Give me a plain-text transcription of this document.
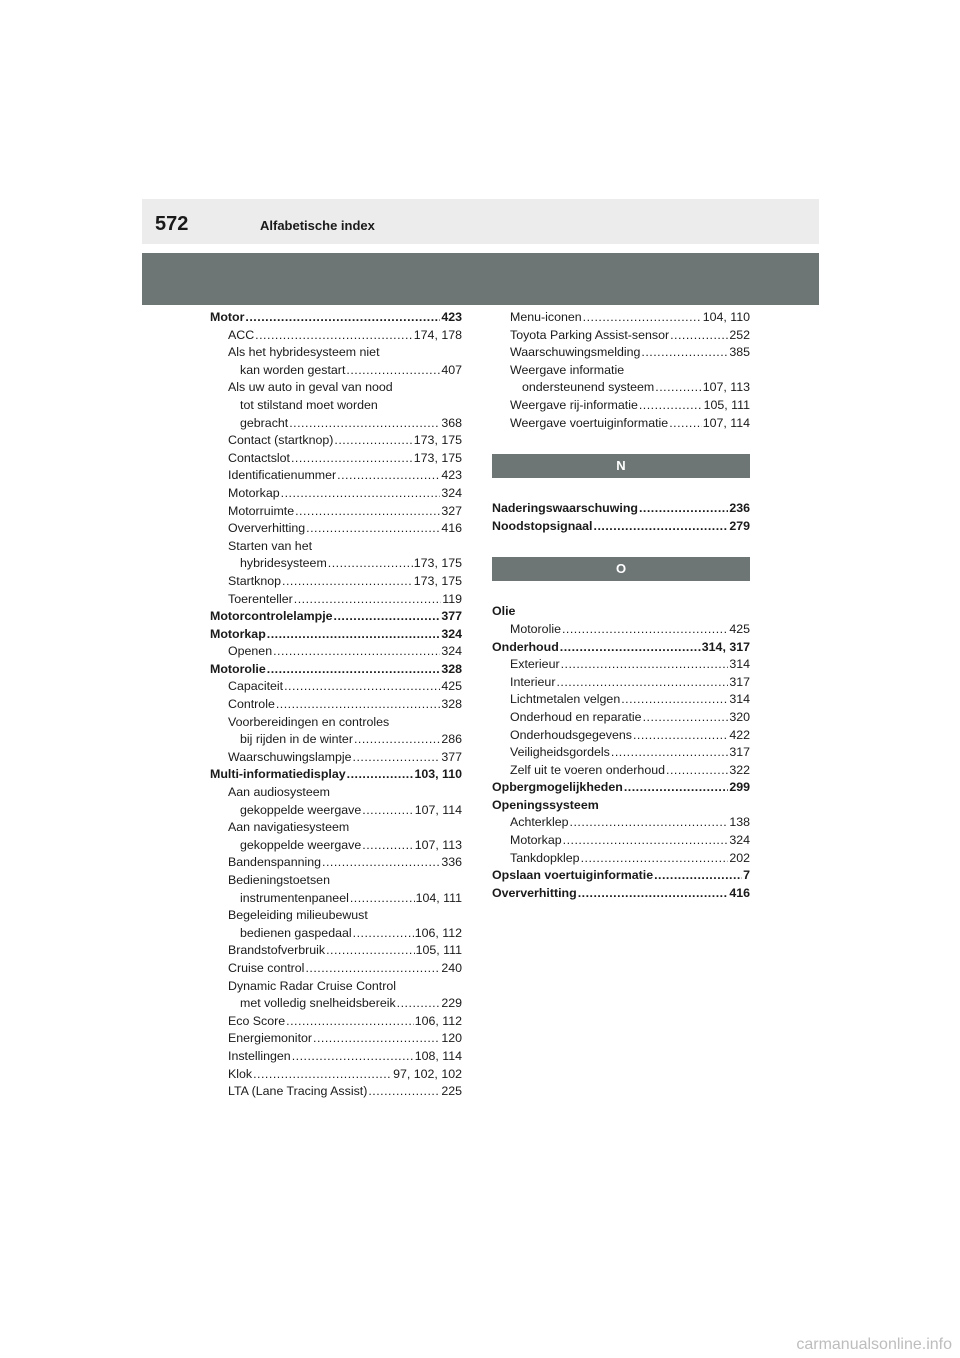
572	Alfabetische index
Motor .....	423
ACC .....	174, 178
Als het hybridesysteem niet
kan worden gestart .....	407
Als uw auto in geval van nood
tot stilstand moet worden
gebracht .....	368
Contact (startknop) .....	173, 175
Contactslot .....	173, 175
Identificatienummer .....	423
Motorkap .....	324
Motorruimte .....	327
Oververhitting .....	416
Starten van het
hybridesysteem .....	173, 175
Startknop .....	173, 175
Toerenteller .....	119
Motorcontrolelampje .....	377
Motorkap .....	324
Openen .....	324
Motorolie .....	328
Capaciteit .....	425
Controle .....	328
Voorbereidingen en controles
bij rijden in de winter .....	286
Waarschuwingslampje .....	377
Multi-informatiedisplay .....	103, 110
Aan audiosysteem
gekoppelde weergave .....	107, 114
Aan navigatiesysteem
gekoppelde weergave .....	107, 113
Bandenspanning .....	336
Bedieningstoetsen
instrumentenpaneel .....	104, 111
Begeleiding milieubewust
bedienen gaspedaal .....	106, 112
Brandstofverbruik .....	105, 111
Cruise control .....	240
Dynamic Radar Cruise Control
met volledig snelheidsbereik .....	229
Eco Score .....	106, 112
Energiemonitor .....	120
Instellingen .....	108, 114
Klok .....	97, 102, 102
LTA (Lane Tracing Assist) .....	225
Menu-iconen .....	104, 110
Toyota Parking Assist-sensor .....	252
Waarschuwingsmelding .....	385
Weergave informatie
ondersteunend systeem .....	107, 113
Weergave rij-informatie .....	105, 111
Weergave voertuiginformatie .....	107, 114
N
Naderingswaarschuwing .....	236
Noodstopsignaal .....	279
O
Olie
Motorolie .....	425
Onderhoud .....	314, 317
Exterieur .....	314
Interieur .....	317
Lichtmetalen velgen .....	314
Onderhoud en reparatie .....	320
Onderhoudsgegevens .....	422
Veiligheidsgordels .....	317
Zelf uit te voeren onderhoud .....	322
Opbergmogelijkheden .....	299
Openingssysteem
Achterklep .....	138
Motorkap .....	324
Tankdopklep .....	202
Opslaan voertuiginformatie .....	7
Oververhitting .....	416
carmanualsonline.info
